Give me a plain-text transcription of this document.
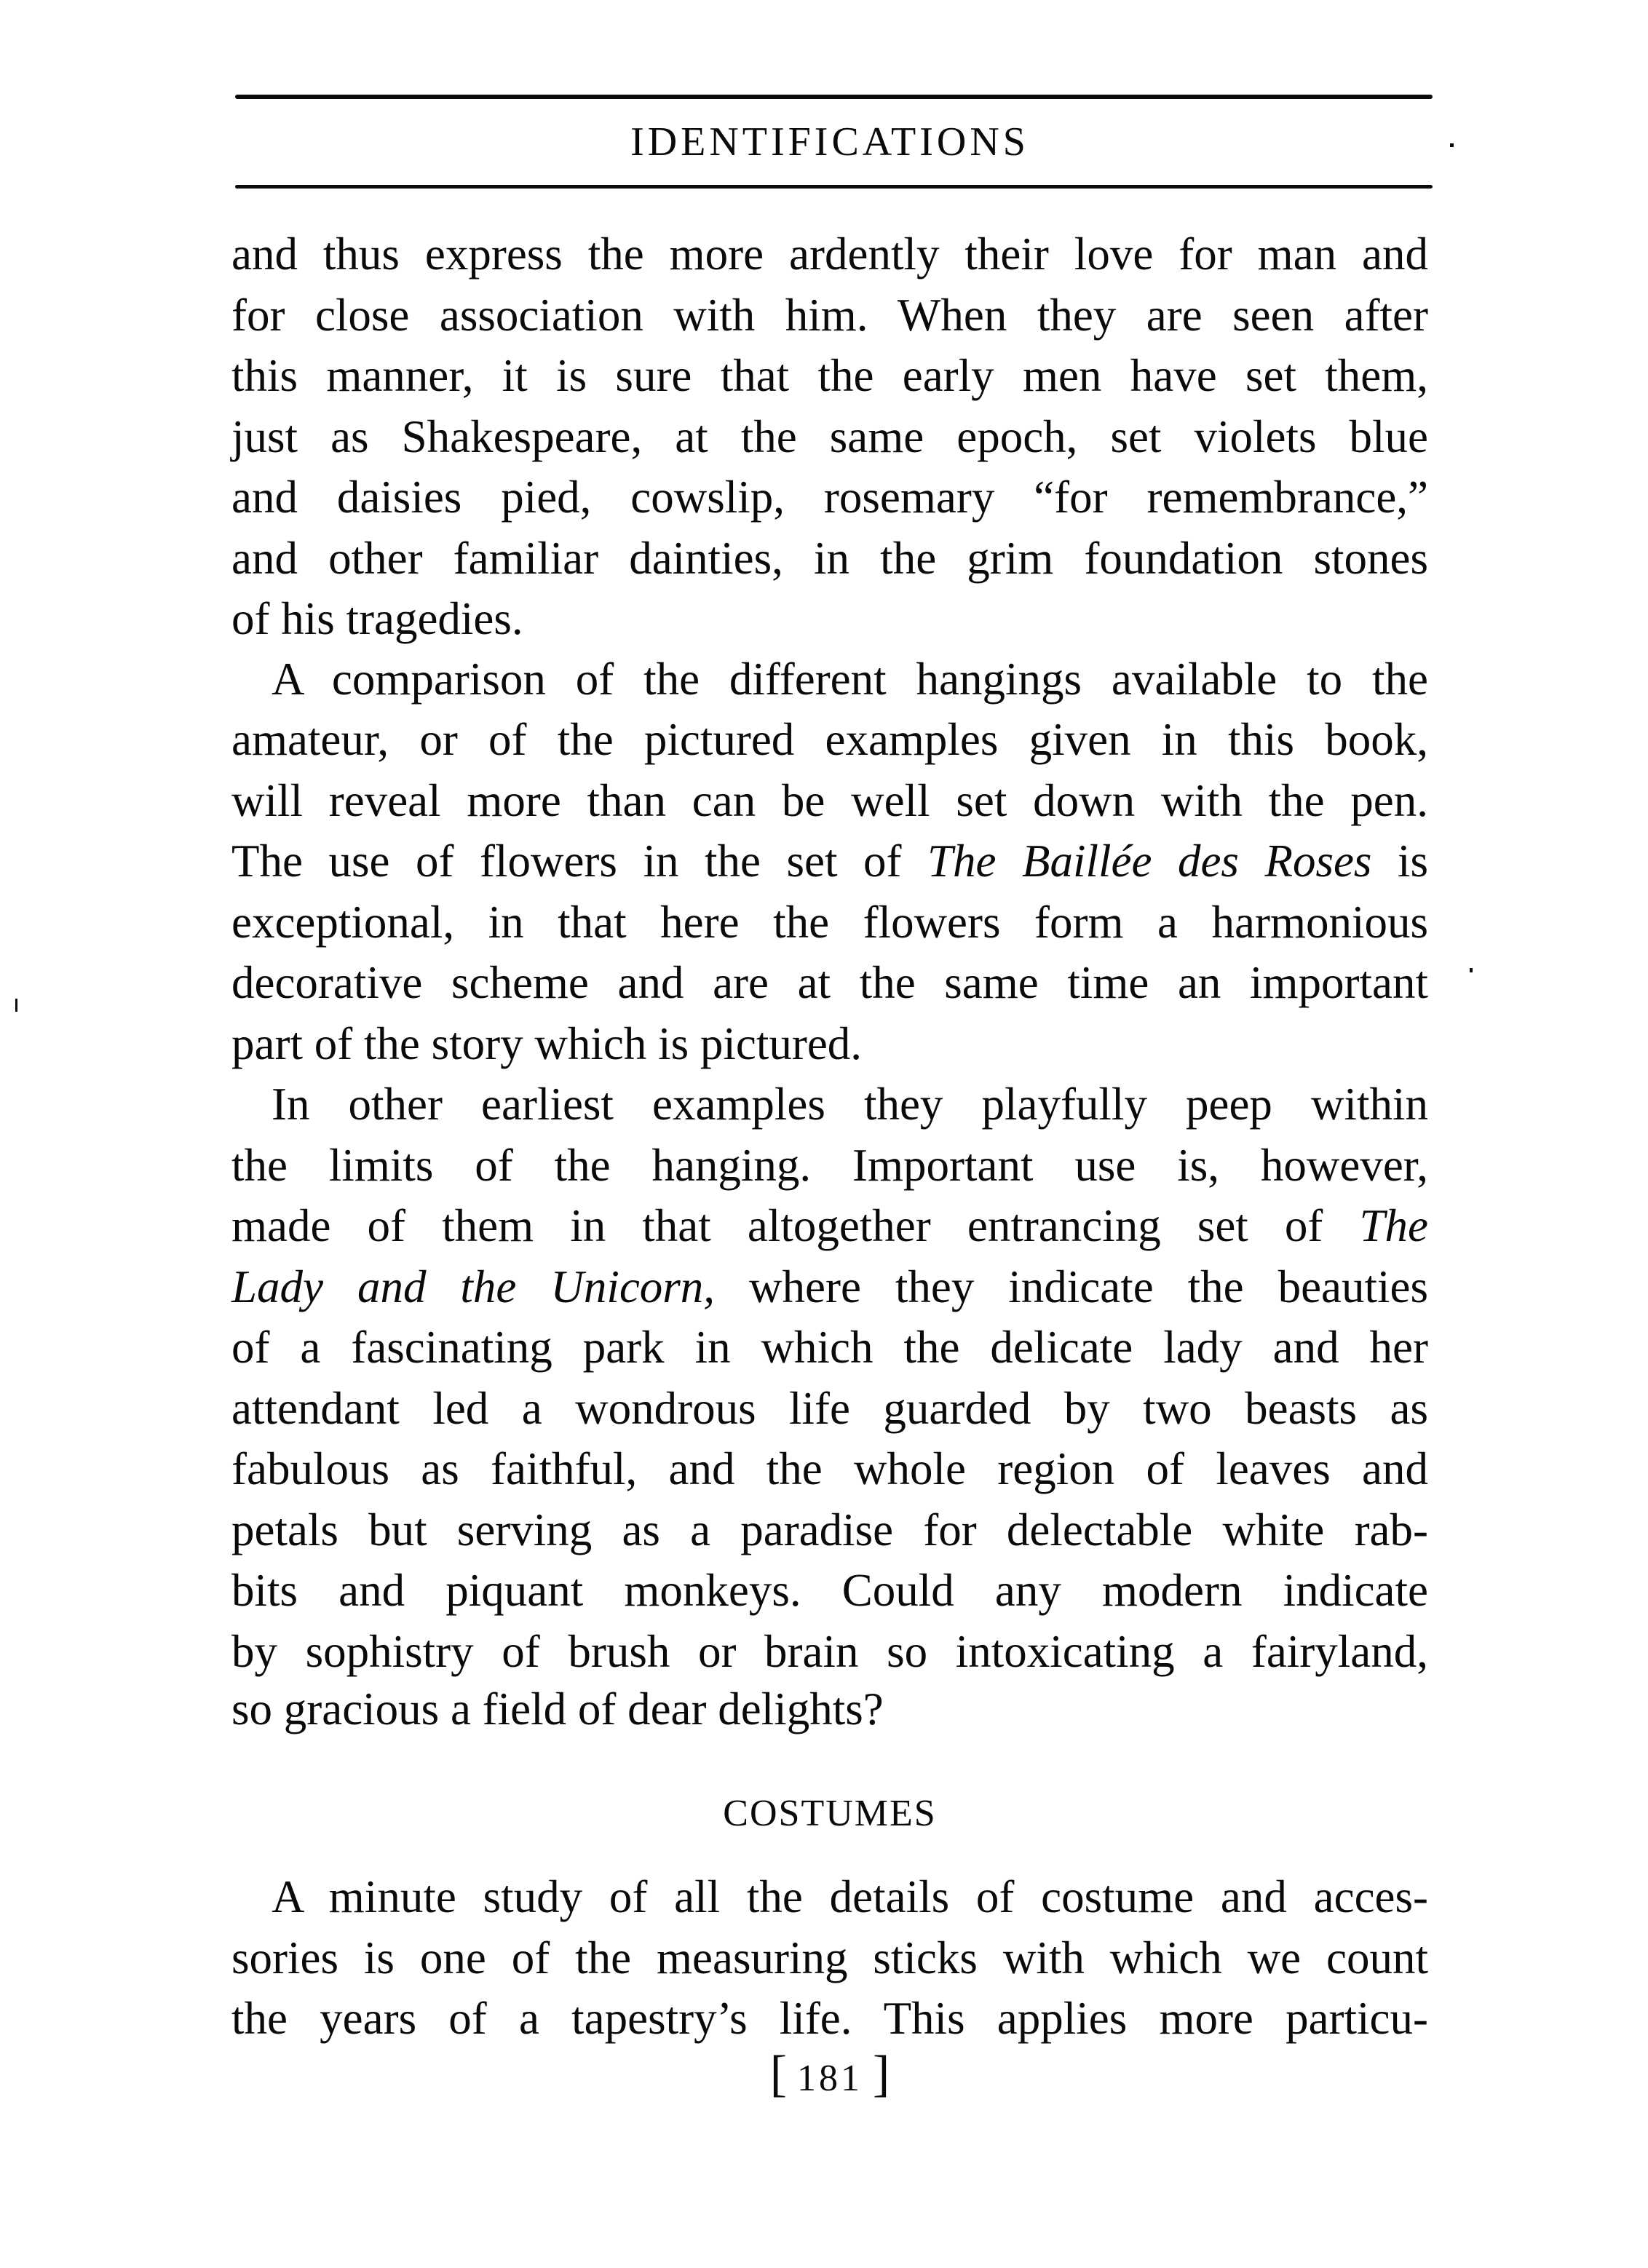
IDENTIFICATIONS
and thus express the more ardently their love for man and
for close association with him. When they are seen after
this manner, it is sure that the early men have set them,
just as Shakespeare, at the same epoch, set violets blue
and daisies pied, cowslip, rosemary “for remembrance,”
and other familiar dainties, in the grim foundation stones
of his tragedies.
A comparison of the different hangings available to the
amateur, or of the pictured examples given in this book,
will reveal more than can be well set down with the pen.
The use of flowers in the set of The Baillée des Roses is
exceptional, in that here the flowers form a harmonious
decorative scheme and are at the same time an important
part of the story which is pictured.
In other earliest examples they playfully peep within
the limits of the hanging. Important use is, however,
made of them in that altogether entrancing set of The
Lady and the Unicorn, where they indicate the beauties
of a fascinating park in which the delicate lady and her
attendant led a wondrous life guarded by two beasts as
fabulous as faithful, and the whole region of leaves and
petals but serving as a paradise for delectable white rab-
bits and piquant monkeys. Could any modern indicate
by sophistry of brush or brain so intoxicating a fairyland,
so gracious a field of dear delights?
COSTUMES
A minute study of all the details of costume and acces-
sories is one of the measuring sticks with which we count
the years of a tapestry’s life. This applies more particu-
[ 181 ]
